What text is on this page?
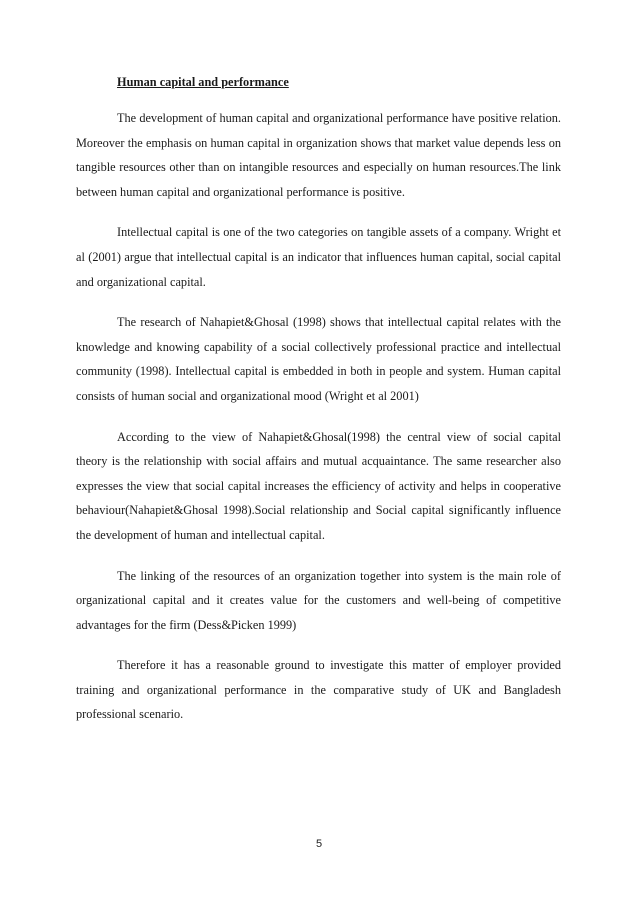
Human capital and performance

The development of human capital and organizational performance have positive relation. Moreover the emphasis on human capital in organization shows that market value depends less on tangible resources other than on intangible resources and especially on human resources.The link between human capital and organizational performance is positive.

Intellectual capital is one of the two categories on tangible assets of a company. Wright et al (2001) argue that intellectual capital is an indicator that influences human capital, social capital and organizational capital.

The research of Nahapiet&Ghosal (1998) shows that intellectual capital relates with the knowledge and knowing capability of a social collectively professional practice and intellectual community (1998). Intellectual capital is embedded in both in people and system. Human capital consists of human social and organizational mood (Wright et al 2001)

According to the view of Nahapiet&Ghosal(1998) the central view of social capital theory is the relationship with social affairs and mutual acquaintance. The same researcher also expresses the view that social capital increases the efficiency of activity and helps in cooperative behaviour(Nahapiet&Ghosal 1998).Social relationship and Social capital significantly influence the development of human and intellectual capital.

The linking of the resources of an organization together into system is the main role of organizational capital and it creates value for the customers and well-being of competitive advantages for the firm (Dess&Picken 1999)

Therefore it has a reasonable ground to investigate this matter of employer provided training and organizational performance in the comparative study of UK and Bangladesh professional scenario.

5
